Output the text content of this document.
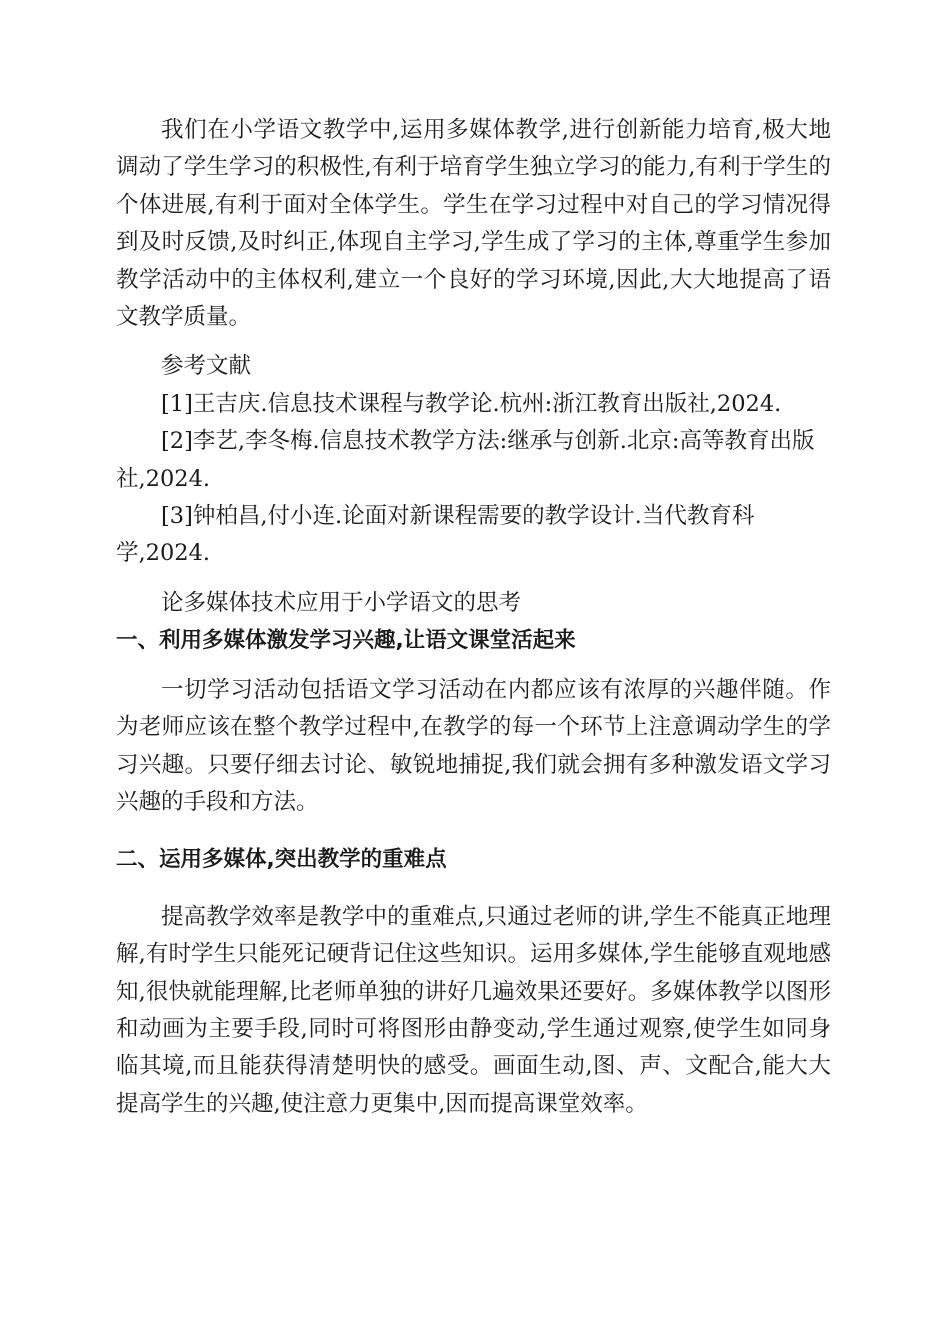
我们在小学语文教学中,运用多媒体教学,进行创新能力培育,极大地调动了学生学习的积极性,有利于培育学生独立学习的能力,有利于学生的个体进展,有利于面对全体学生。学生在学习过程中对自己的学习情况得到及时反馈,及时纠正,体现自主学习,学生成了学习的主体,尊重学生参加教学活动中的主体权利,建立一个良好的学习环境,因此,大大地提高了语文教学质量。

参考文献

[1]王吉庆.信息技术课程与教学论.杭州:浙江教育出版社,2024.

[2]李艺,李冬梅.信息技术教学方法:继承与创新.北京:高等教育出版社,2024.

[3]钟柏昌,付小连.论面对新课程需要的教学设计.当代教育科学,2024.

论多媒体技术应用于小学语文的思考

一、利用多媒体激发学习兴趣,让语文课堂活起来

一切学习活动包括语文学习活动在内都应该有浓厚的兴趣伴随。作为老师应该在整个教学过程中,在教学的每一个环节上注意调动学生的学习兴趣。只要仔细去讨论、敏锐地捕捉,我们就会拥有多种激发语文学习兴趣的手段和方法。

二、运用多媒体,突出教学的重难点

提高教学效率是教学中的重难点,只通过老师的讲,学生不能真正地理解,有时学生只能死记硬背记住这些知识。运用多媒体,学生能够直观地感知,很快就能理解,比老师单独的讲好几遍效果还要好。多媒体教学以图形和动画为主要手段,同时可将图形由静变动,学生通过观察,使学生如同身临其境,而且能获得清楚明快的感受。画面生动,图、声、文配合,能大大提高学生的兴趣,使注意力更集中,因而提高课堂效率。
